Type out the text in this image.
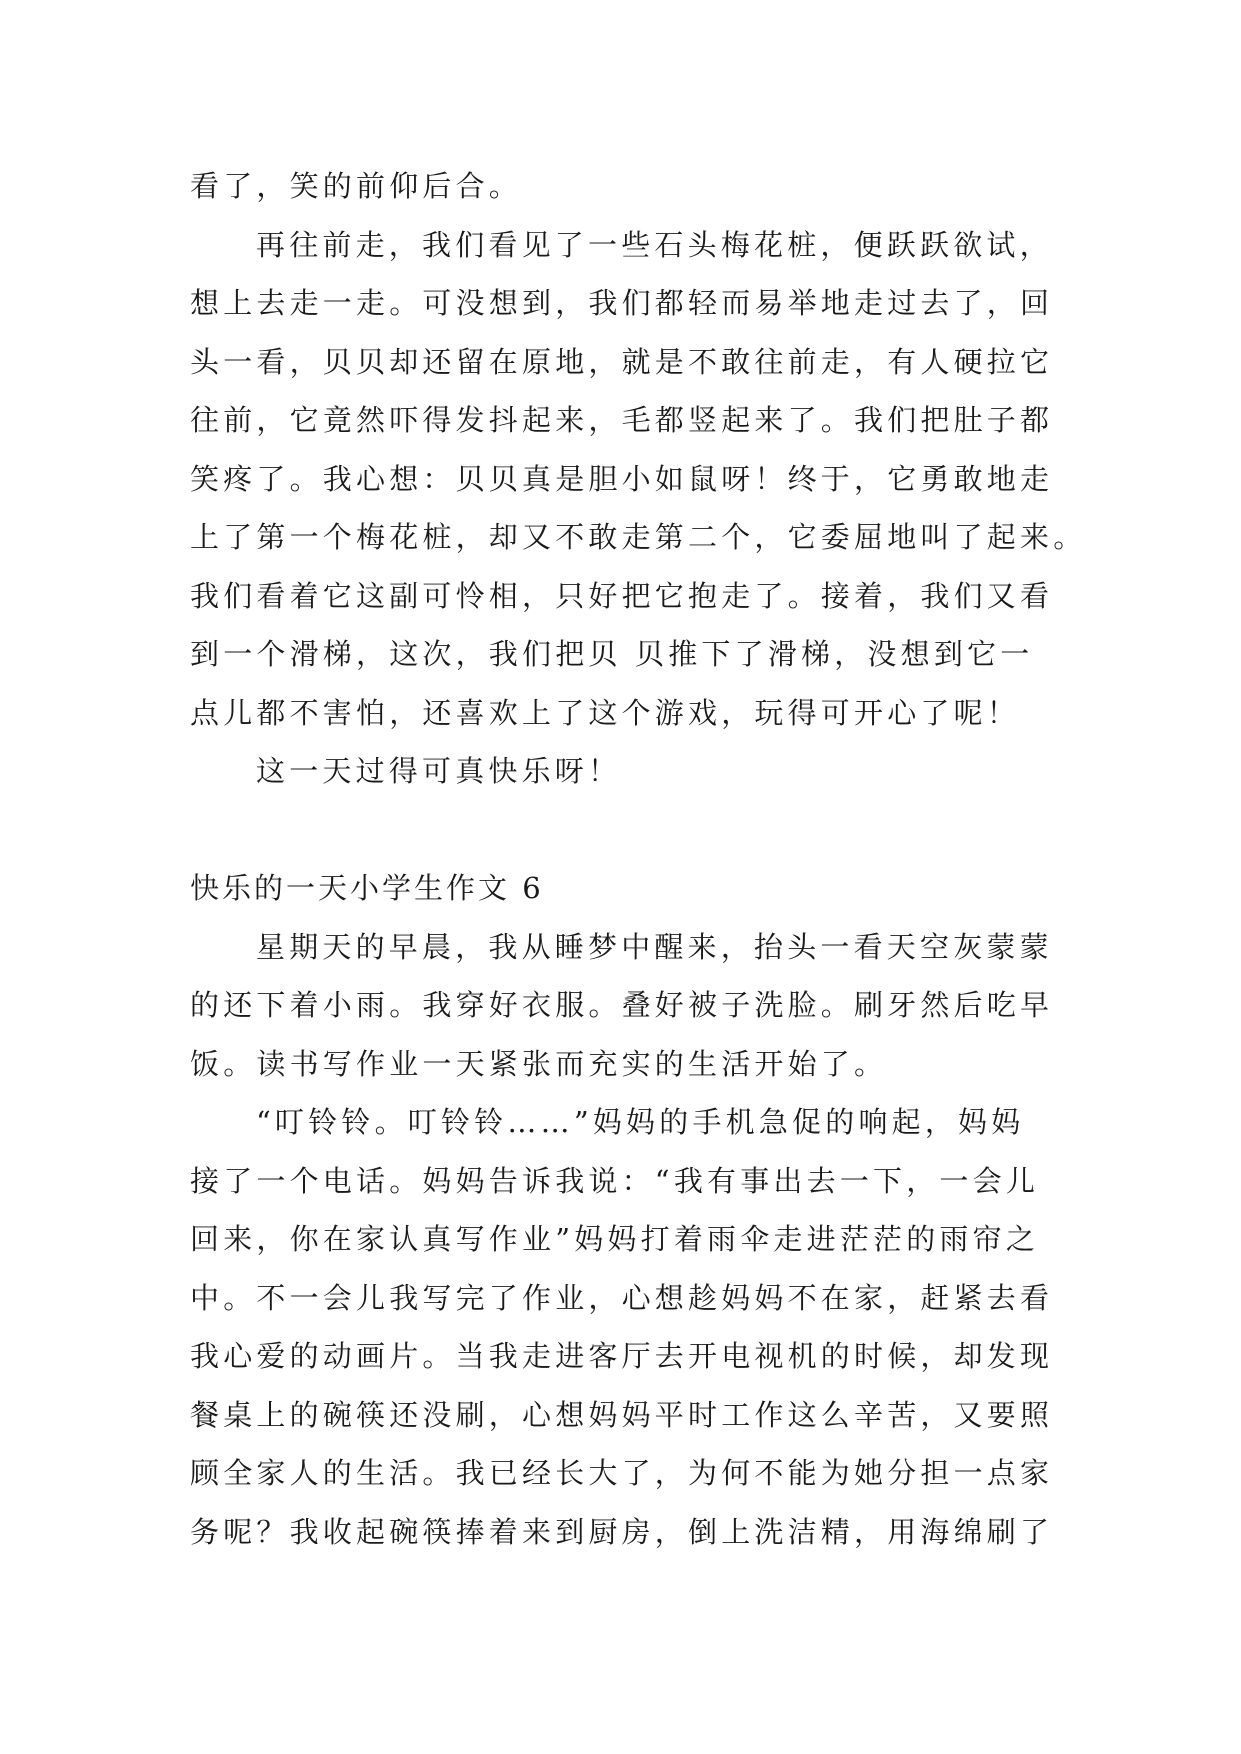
看了，笑的前仰后合。
再往前走，我们看见了一些石头梅花桩，便跃跃欲试，
想上去走一走。可没想到，我们都轻而易举地走过去了，回
头一看，贝贝却还留在原地，就是不敢往前走，有人硬拉它
往前，它竟然吓得发抖起来，毛都竖起来了。我们把肚子都
笑疼了。我心想：贝贝真是胆小如鼠呀！终于，它勇敢地走
上了第一个梅花桩，却又不敢走第二个，它委屈地叫了起来。
我们看着它这副可怜相，只好把它抱走了。接着，我们又看
到一个滑梯，这次，我们把贝 贝推下了滑梯，没想到它一
点儿都不害怕，还喜欢上了这个游戏，玩得可开心了呢！
这一天过得可真快乐呀！
快乐的一天小学生作文 6
星期天的早晨，我从睡梦中醒来，抬头一看天空灰蒙蒙
的还下着小雨。我穿好衣服。叠好被子洗脸。刷牙然后吃早
饭。读书写作业一天紧张而充实的生活开始了。
“叮铃铃。叮铃铃……”妈妈的手机急促的响起，妈妈
接了一个电话。妈妈告诉我说：“我有事出去一下，一会儿
回来，你在家认真写作业”妈妈打着雨伞走进茫茫的雨帘之
中。不一会儿我写完了作业，心想趁妈妈不在家，赶紧去看
我心爱的动画片。当我走进客厅去开电视机的时候，却发现
餐桌上的碗筷还没刷，心想妈妈平时工作这么辛苦，又要照
顾全家人的生活。我已经长大了，为何不能为她分担一点家
务呢？我收起碗筷捧着来到厨房，倒上洗洁精，用海绵刷了
